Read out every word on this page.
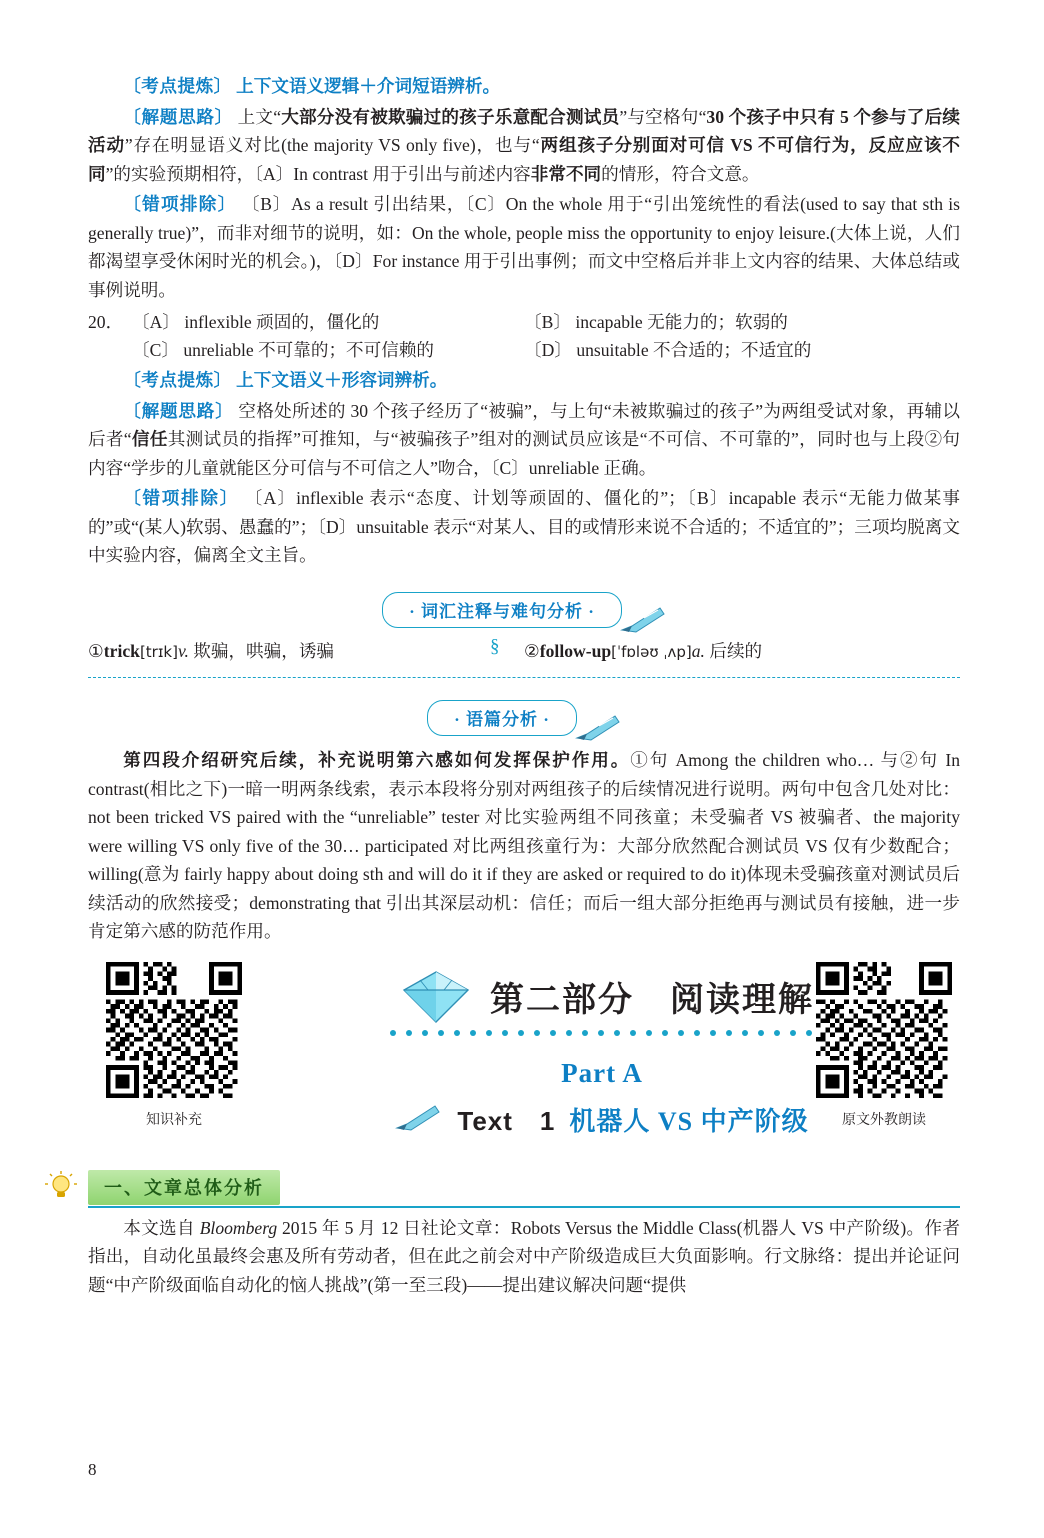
〔考点提炼〕 上下文语义逻辑＋介词短语辨析。

〔解题思路〕 上文“大部分没有被欺骗过的孩子乐意配合测试员”与空格句“30 个孩子中只有 5 个参与了后续活动”存在明显语义对比(the majority VS only five)，也与“两组孩子分别面对可信 VS 不可信行为，反应应该不同”的实验预期相符，〔A〕In contrast 用于引出与前述内容非常不同的情形，符合文意。

〔错项排除〕 〔B〕As a result 引出结果，〔C〕On the whole 用于“引出笼统性的看法(used to say that sth is generally true)”，而非对细节的说明，如：On the whole, people miss the opportunity to enjoy leisure.(大体上说，人们都渴望享受休闲时光的机会。)，〔D〕For instance 用于引出事例；而文中空格后并非上文内容的结果、大体总结或事例说明。

20． 〔A〕 inflexible 顽固的，僵化的	〔B〕 incapable 无能力的；软弱的
〔C〕 unreliable 不可靠的；不可信赖的	〔D〕 unsuitable 不合适的；不适宜的

〔考点提炼〕 上下文语义＋形容词辨析。

〔解题思路〕 空格处所述的 30 个孩子经历了“被骗”，与上句“未被欺骗过的孩子”为两组受试对象，再辅以后者“信任其测试员的指挥”可推知，与“被骗孩子”组对的测试员应该是“不可信、不可靠的”，同时也与上段②句内容“学步的儿童就能区分可信与不可信之人”吻合，〔C〕unreliable 正确。

〔错项排除〕 〔A〕inflexible 表示“态度、计划等顽固的、僵化的”；〔B〕incapable 表示“无能力做某事的”或“(某人)软弱、愚蠢的”；〔D〕unsuitable 表示“对某人、目的或情形来说不合适的；不适宜的”；三项均脱离文中实验内容，偏离全文主旨。

· 词汇注释与难句分析 ·
①trick[trɪk]v. 欺骗，哄骗，诱骗	§ ②follow-up[ˈfɒləʊ ˌʌp]a. 后续的
· 语篇分析 ·

第四段介绍研究后续，补充说明第六感如何发挥保护作用。①句 Among the children who… 与②句 In contrast(相比之下)一暗一明两条线索，表示本段将分别对两组孩子的后续情况进行说明。两句中包含几处对比：not been tricked VS paired with the “unreliable” tester 对比实验两组不同孩童；未受骗者 VS 被骗者、the majority were willing VS only five of the 30… participated 对比两组孩童行为：大部分欣然配合测试员 VS 仅有少数配合；willing(意为 fairly happy about doing sth and will do it if they are asked or required to do it)体现未受骗孩童对测试员后续活动的欣然接受；demonstrating that 引出其深层动机：信任；而后一组大部分拒绝再与测试员有接触，进一步肯定第六感的防范作用。

知识补充
第二部分　阅读理解
Part A
Text　1 机器人 VS 中产阶级	原文外教朗读
一、文章总体分析

本文选自 Bloomberg 2015 年 5 月 12 日社论文章：Robots Versus the Middle Class(机器人 VS 中产阶级)。作者指出，自动化虽最终会惠及所有劳动者，但在此之前会对中产阶级造成巨大负面影响。行文脉络：提出并论证问题“中产阶级面临自动化的恼人挑战”(第一至三段)——提出建议解决问题“提供

8
